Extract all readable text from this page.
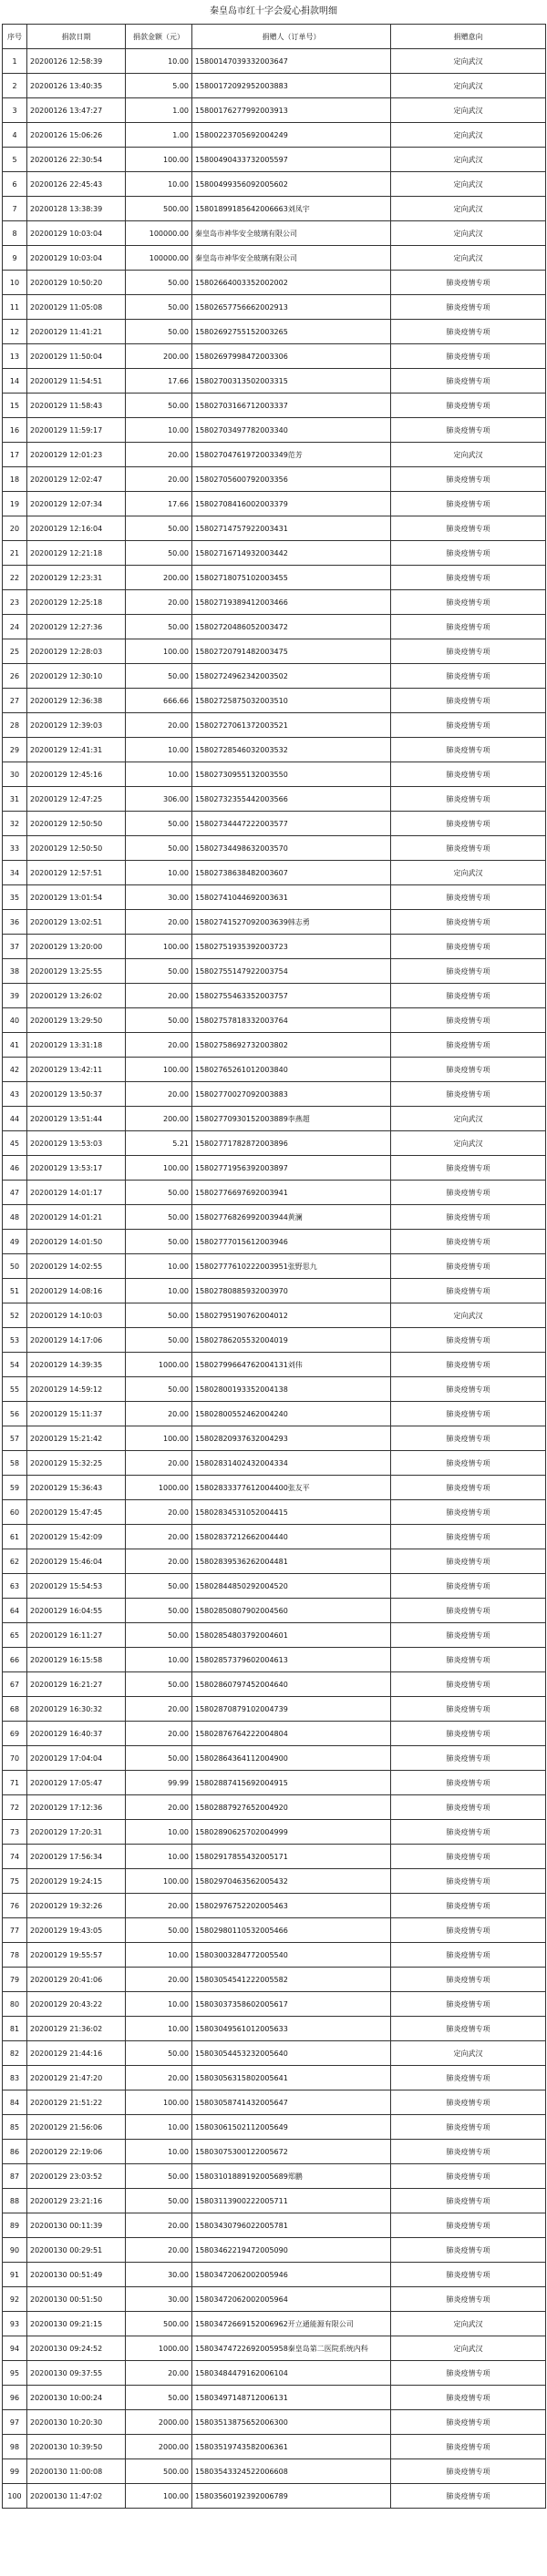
秦皇岛市红十字会爱心捐款明细
序号	捐款日期	捐款金额（元）	捐赠人（订单号）	捐赠意向
1	20200126 12:58:39	10.00	15800147039332003647	定向武汉
2	20200126 13:40:35	5.00	15800172092952003883	定向武汉
3	20200126 13:47:27	1.00	15800176277992003913	定向武汉
4	20200126 15:06:26	1.00	15800223705692004249	定向武汉
5	20200126 22:30:54	100.00	15800490433732005597	定向武汉
6	20200126 22:45:43	10.00	15800499356092005602	定向武汉
7	20200128 13:38:39	500.00	15801899185642006663刘凤宇	定向武汉
8	20200129 10:03:04	100000.00	秦皇岛市神华安全玻璃有限公司	定向武汉
9	20200129 10:03:04	100000.00	秦皇岛市神华安全玻璃有限公司	定向武汉
10	20200129 10:50:20	50.00	15802664003352002002	肺炎疫情专项
11	20200129 11:05:08	50.00	15802657756662002913	肺炎疫情专项
12	20200129 11:41:21	50.00	15802692755152003265	肺炎疫情专项
13	20200129 11:50:04	200.00	15802697998472003306	肺炎疫情专项
14	20200129 11:54:51	17.66	15802700313502003315	肺炎疫情专项
15	20200129 11:58:43	50.00	15802703166712003337	肺炎疫情专项
16	20200129 11:59:17	10.00	15802703497782003340	肺炎疫情专项
17	20200129 12:01:23	20.00	15802704761972003349范芳	定向武汉
18	20200129 12:02:47	20.00	15802705600792003356	肺炎疫情专项
19	20200129 12:07:34	17.66	15802708416002003379	肺炎疫情专项
20	20200129 12:16:04	50.00	15802714757922003431	肺炎疫情专项
21	20200129 12:21:18	50.00	15802716714932003442	肺炎疫情专项
22	20200129 12:23:31	200.00	15802718075102003455	肺炎疫情专项
23	20200129 12:25:18	20.00	15802719389412003466	肺炎疫情专项
24	20200129 12:27:36	50.00	15802720486052003472	肺炎疫情专项
25	20200129 12:28:03	100.00	15802720791482003475	肺炎疫情专项
26	20200129 12:30:10	50.00	15802724962342003502	肺炎疫情专项
27	20200129 12:36:38	666.66	15802725875032003510	肺炎疫情专项
28	20200129 12:39:03	20.00	15802727061372003521	肺炎疫情专项
29	20200129 12:41:31	10.00	15802728546032003532	肺炎疫情专项
30	20200129 12:45:16	10.00	15802730955132003550	肺炎疫情专项
31	20200129 12:47:25	306.00	15802732355442003566	肺炎疫情专项
32	20200129 12:50:50	50.00	15802734447222003577	肺炎疫情专项
33	20200129 12:50:50	50.00	15802734498632003570	肺炎疫情专项
34	20200129 12:57:51	10.00	15802738638482003607	定向武汉
35	20200129 13:01:54	30.00	15802741044692003631	肺炎疫情专项
36	20200129 13:02:51	20.00	15802741527092003639韩志勇	肺炎疫情专项
37	20200129 13:20:00	100.00	15802751935392003723	肺炎疫情专项
38	20200129 13:25:55	50.00	15802755147922003754	肺炎疫情专项
39	20200129 13:26:02	20.00	15802755463352003757	肺炎疫情专项
40	20200129 13:29:50	50.00	15802757818332003764	肺炎疫情专项
41	20200129 13:31:18	20.00	15802758692732003802	肺炎疫情专项
42	20200129 13:42:11	100.00	15802765261012003840	肺炎疫情专项
43	20200129 13:50:37	20.00	15802770027092003883	肺炎疫情专项
44	20200129 13:51:44	200.00	15802770930152003889李燕超	定向武汉
45	20200129 13:53:03	5.21	15802771782872003896	定向武汉
46	20200129 13:53:17	100.00	15802771956392003897	肺炎疫情专项
47	20200129 14:01:17	50.00	15802776697692003941	肺炎疫情专项
48	20200129 14:01:21	50.00	15802776826992003944黄澜	肺炎疫情专项
49	20200129 14:01:50	50.00	15802777015612003946	肺炎疫情专项
50	20200129 14:02:55	10.00	15802777610222003951张野思九	肺炎疫情专项
51	20200129 14:08:16	10.00	15802780885932003970	肺炎疫情专项
52	20200129 14:10:03	50.00	15802795190762004012	定向武汉
53	20200129 14:17:06	50.00	15802786205532004019	肺炎疫情专项
54	20200129 14:39:35	1000.00	15802799664762004131刘伟	肺炎疫情专项
55	20200129 14:59:12	50.00	15802800193352004138	肺炎疫情专项
56	20200129 15:11:37	20.00	15802800552462004240	肺炎疫情专项
57	20200129 15:21:42	100.00	15802820937632004293	肺炎疫情专项
58	20200129 15:32:25	20.00	15802831402432004334	肺炎疫情专项
59	20200129 15:36:43	1000.00	15802833377612004400张友平	肺炎疫情专项
60	20200129 15:47:45	20.00	15802834531052004415	肺炎疫情专项
61	20200129 15:42:09	20.00	15802837212662004440	肺炎疫情专项
62	20200129 15:46:04	20.00	15802839536262004481	肺炎疫情专项
63	20200129 15:54:53	50.00	15802844850292004520	肺炎疫情专项
64	20200129 16:04:55	50.00	15802850807902004560	肺炎疫情专项
65	20200129 16:11:27	50.00	15802854803792004601	肺炎疫情专项
66	20200129 16:15:58	10.00	15802857379602004613	肺炎疫情专项
67	20200129 16:21:27	50.00	15802860797452004640	肺炎疫情专项
68	20200129 16:30:32	20.00	15802870879102004739	肺炎疫情专项
69	20200129 16:40:37	20.00	15802876764222004804	肺炎疫情专项
70	20200129 17:04:04	50.00	15802864364112004900	肺炎疫情专项
71	20200129 17:05:47	99.99	15802887415692004915	肺炎疫情专项
72	20200129 17:12:36	20.00	15802887927652004920	肺炎疫情专项
73	20200129 17:20:31	10.00	15802890625702004999	肺炎疫情专项
74	20200129 17:56:34	10.00	15802917855432005171	肺炎疫情专项
75	20200129 19:24:15	100.00	15802970463562005432	肺炎疫情专项
76	20200129 19:32:26	20.00	15802976752202005463	肺炎疫情专项
77	20200129 19:43:05	50.00	15802980110532005466	肺炎疫情专项
78	20200129 19:55:57	10.00	15803003284772005540	肺炎疫情专项
79	20200129 20:41:06	20.00	15803054541222005582	肺炎疫情专项
80	20200129 20:43:22	10.00	15803037358602005617	肺炎疫情专项
81	20200129 21:36:02	10.00	15803049561012005633	肺炎疫情专项
82	20200129 21:44:16	50.00	15803054453232005640	定向武汉
83	20200129 21:47:20	20.00	15803056315802005641	肺炎疫情专项
84	20200129 21:51:22	100.00	15803058741432005647	肺炎疫情专项
85	20200129 21:56:06	10.00	15803061502112005649	肺炎疫情专项
86	20200129 22:19:06	10.00	15803075300122005672	肺炎疫情专项
87	20200129 23:03:52	50.00	15803101889192005689郑鹏	肺炎疫情专项
88	20200129 23:21:16	50.00	15803113900222005711	肺炎疫情专项
89	20200130 00:11:39	20.00	15803430796022005781	肺炎疫情专项
90	20200130 00:29:51	20.00	15803462219472005090	肺炎疫情专项
91	20200130 00:51:49	30.00	15803472062002005946	肺炎疫情专项
92	20200130 00:51:50	30.00	15803472062002005964	肺炎疫情专项
93	20200130 09:21:15	500.00	15803472669152006962开立通能源有限公司	定向武汉
94	20200130 09:24:52	1000.00	15803474722692005958秦皇岛第二医院系统内科	定向武汉
95	20200130 09:37:55	20.00	15803484479162006104	肺炎疫情专项
96	20200130 10:00:24	50.00	15803497148712006131	肺炎疫情专项
97	20200130 10:20:30	2000.00	15803513875652006300	肺炎疫情专项
98	20200130 10:39:50	2000.00	15803519743582006361	肺炎疫情专项
99	20200130 11:00:08	500.00	15803543324522006608	肺炎疫情专项
100	20200130 11:47:02	100.00	15803560192392006789	肺炎疫情专项
